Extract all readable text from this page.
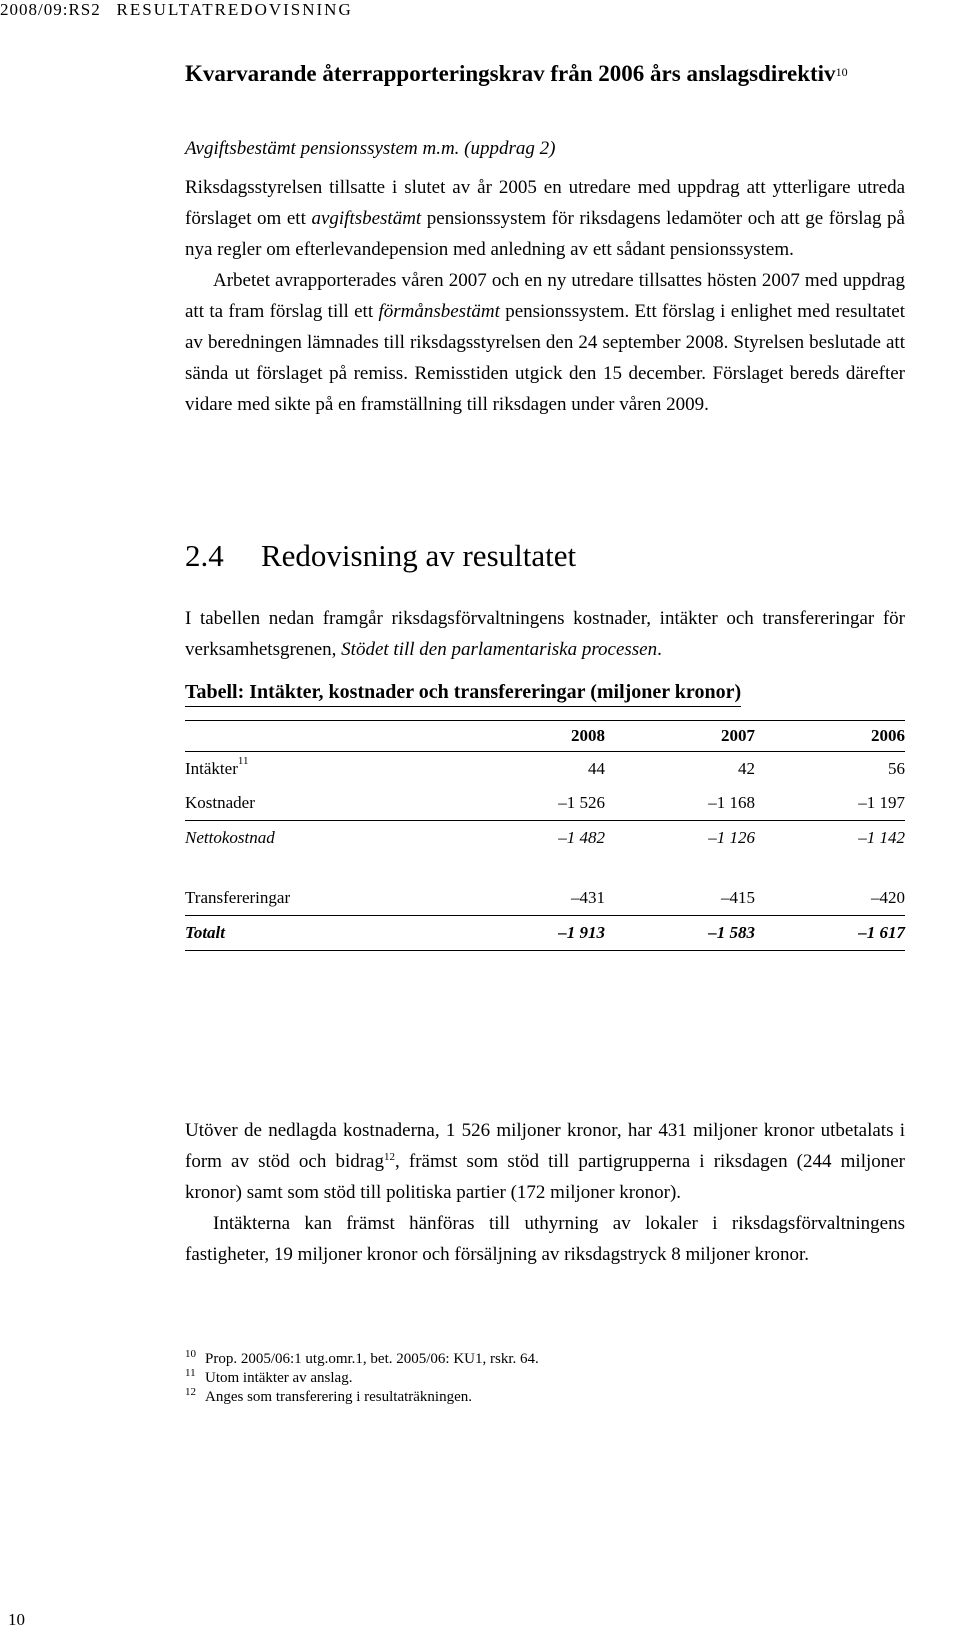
2008/09:RS2 RESULTATREDOVISNING
Kvarvarande återrapporteringskrav från 2006 års anslagsdirektiv$^{10}$
Avgiftsbestämt pensionssystem m.m. (uppdrag 2)

Riksdagsstyrelsen tillsatte i slutet av år 2005 en utredare med uppdrag att ytterligare utreda förslaget om ett avgiftsbestämt pensionssystem för riksdagens ledamöter och att ge förslag på nya regler om efterlevandepension med anledning av ett sådant pensionssystem.

Arbetet avrapporterades våren 2007 och en ny utredare tillsattes hösten 2007 med uppdrag att ta fram förslag till ett förmånsbestämt pensionssystem. Ett förslag i enlighet med resultatet av beredningen lämnades till riksdagsstyrelsen den 24 september 2008. Styrelsen beslutade att sända ut förslaget på remiss. Remisstiden utgick den 15 december. Förslaget bereds därefter vidare med sikte på en framställning till riksdagen under våren 2009.

2.4 Redovisning av resultatet

I tabellen nedan framgår riksdagsförvaltningens kostnader, intäkter och transfereringar för verksamhetsgrenen, Stödet till den parlamentariska processen.

Tabell: Intäkter, kostnader och transfereringar (miljoner kronor)
	2008	2007	2006
Intäkter$^{11}$	44	42	56
Kostnader	–1 526	–1 168	–1 197
Nettokostnad	–1 482	–1 126	–1 142

Transfereringar	–431	–415	–420
Totalt	–1 913	–1 583	–1 617

Utöver de nedlagda kostnaderna, 1 526 miljoner kronor, har 431 miljoner kronor utbetalats i form av stöd och bidrag$^{12}$, främst som stöd till partigrupperna i riksdagen (244 miljoner kronor) samt som stöd till politiska partier (172 miljoner kronor).

Intäkterna kan främst hänföras till uthyrning av lokaler i riksdagsförvaltningens fastigheter, 19 miljoner kronor och försäljning av riksdagstryck 8 miljoner kronor.

10 Prop. 2005/06:1 utg.omr.1, bet. 2005/06: KU1, rskr. 64.
11 Utom intäkter av anslag.
12 Anges som transferering i resultaträkningen.
10
